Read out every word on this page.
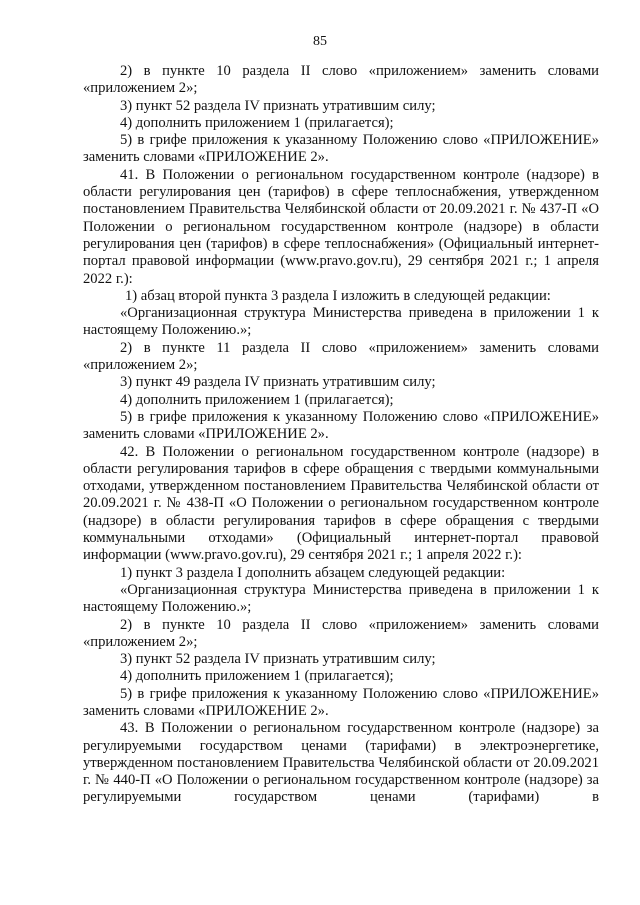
85

2) в пункте 10 раздела II слово «приложением» заменить словами «приложением 2»;

3) пункт 52 раздела IV признать утратившим силу;

4) дополнить приложением 1 (прилагается);

5) в грифе приложения к указанному Положению слово «ПРИЛОЖЕНИЕ» заменить словами «ПРИЛОЖЕНИЕ 2».

41. В Положении о региональном государственном контроле (надзоре) в области регулирования цен (тарифов) в сфере теплоснабжения, утвержденном постановлением Правительства Челябинской области от 20.09.2021 г. № 437-П «О Положении о региональном государственном контроле (надзоре) в области регулирования цен (тарифов) в сфере теплоснабжения» (Официальный интернет-портал правовой информации (www.pravo.gov.ru), 29 сентября 2021 г.; 1 апреля 2022 г.):

1) абзац второй пункта 3 раздела I изложить в следующей редакции:

«Организационная структура Министерства приведена в приложении 1 к настоящему Положению.»;

2) в пункте 11 раздела II слово «приложением» заменить словами «приложением 2»;

3) пункт 49 раздела IV признать утратившим силу;

4) дополнить приложением 1 (прилагается);

5) в грифе приложения к указанному Положению слово «ПРИЛОЖЕНИЕ» заменить словами «ПРИЛОЖЕНИЕ 2».

42. В Положении о региональном государственном контроле (надзоре) в области регулирования тарифов в сфере обращения с твердыми коммунальными отходами, утвержденном постановлением Правительства Челябинской области от 20.09.2021 г. № 438-П «О Положении о региональном государственном контроле (надзоре) в области регулирования тарифов в сфере обращения с твердыми коммунальными отходами» (Официальный интернет-портал правовой информации (www.pravo.gov.ru), 29 сентября 2021 г.; 1 апреля 2022 г.):

1) пункт 3 раздела I дополнить абзацем следующей редакции:

«Организационная структура Министерства приведена в приложении 1 к настоящему Положению.»;

2) в пункте 10 раздела II слово «приложением» заменить словами «приложением 2»;

3) пункт 52 раздела IV признать утратившим силу;

4) дополнить приложением 1 (прилагается);

5) в грифе приложения к указанному Положению слово «ПРИЛОЖЕНИЕ» заменить словами «ПРИЛОЖЕНИЕ 2».

43. В Положении о региональном государственном контроле (надзоре) за регулируемыми государством ценами (тарифами) в электроэнергетике, утвержденном постановлением Правительства Челябинской области от 20.09.2021 г. № 440-П «О Положении о региональном государственном контроле (надзоре) за регулируемыми государством ценами (тарифами) в
